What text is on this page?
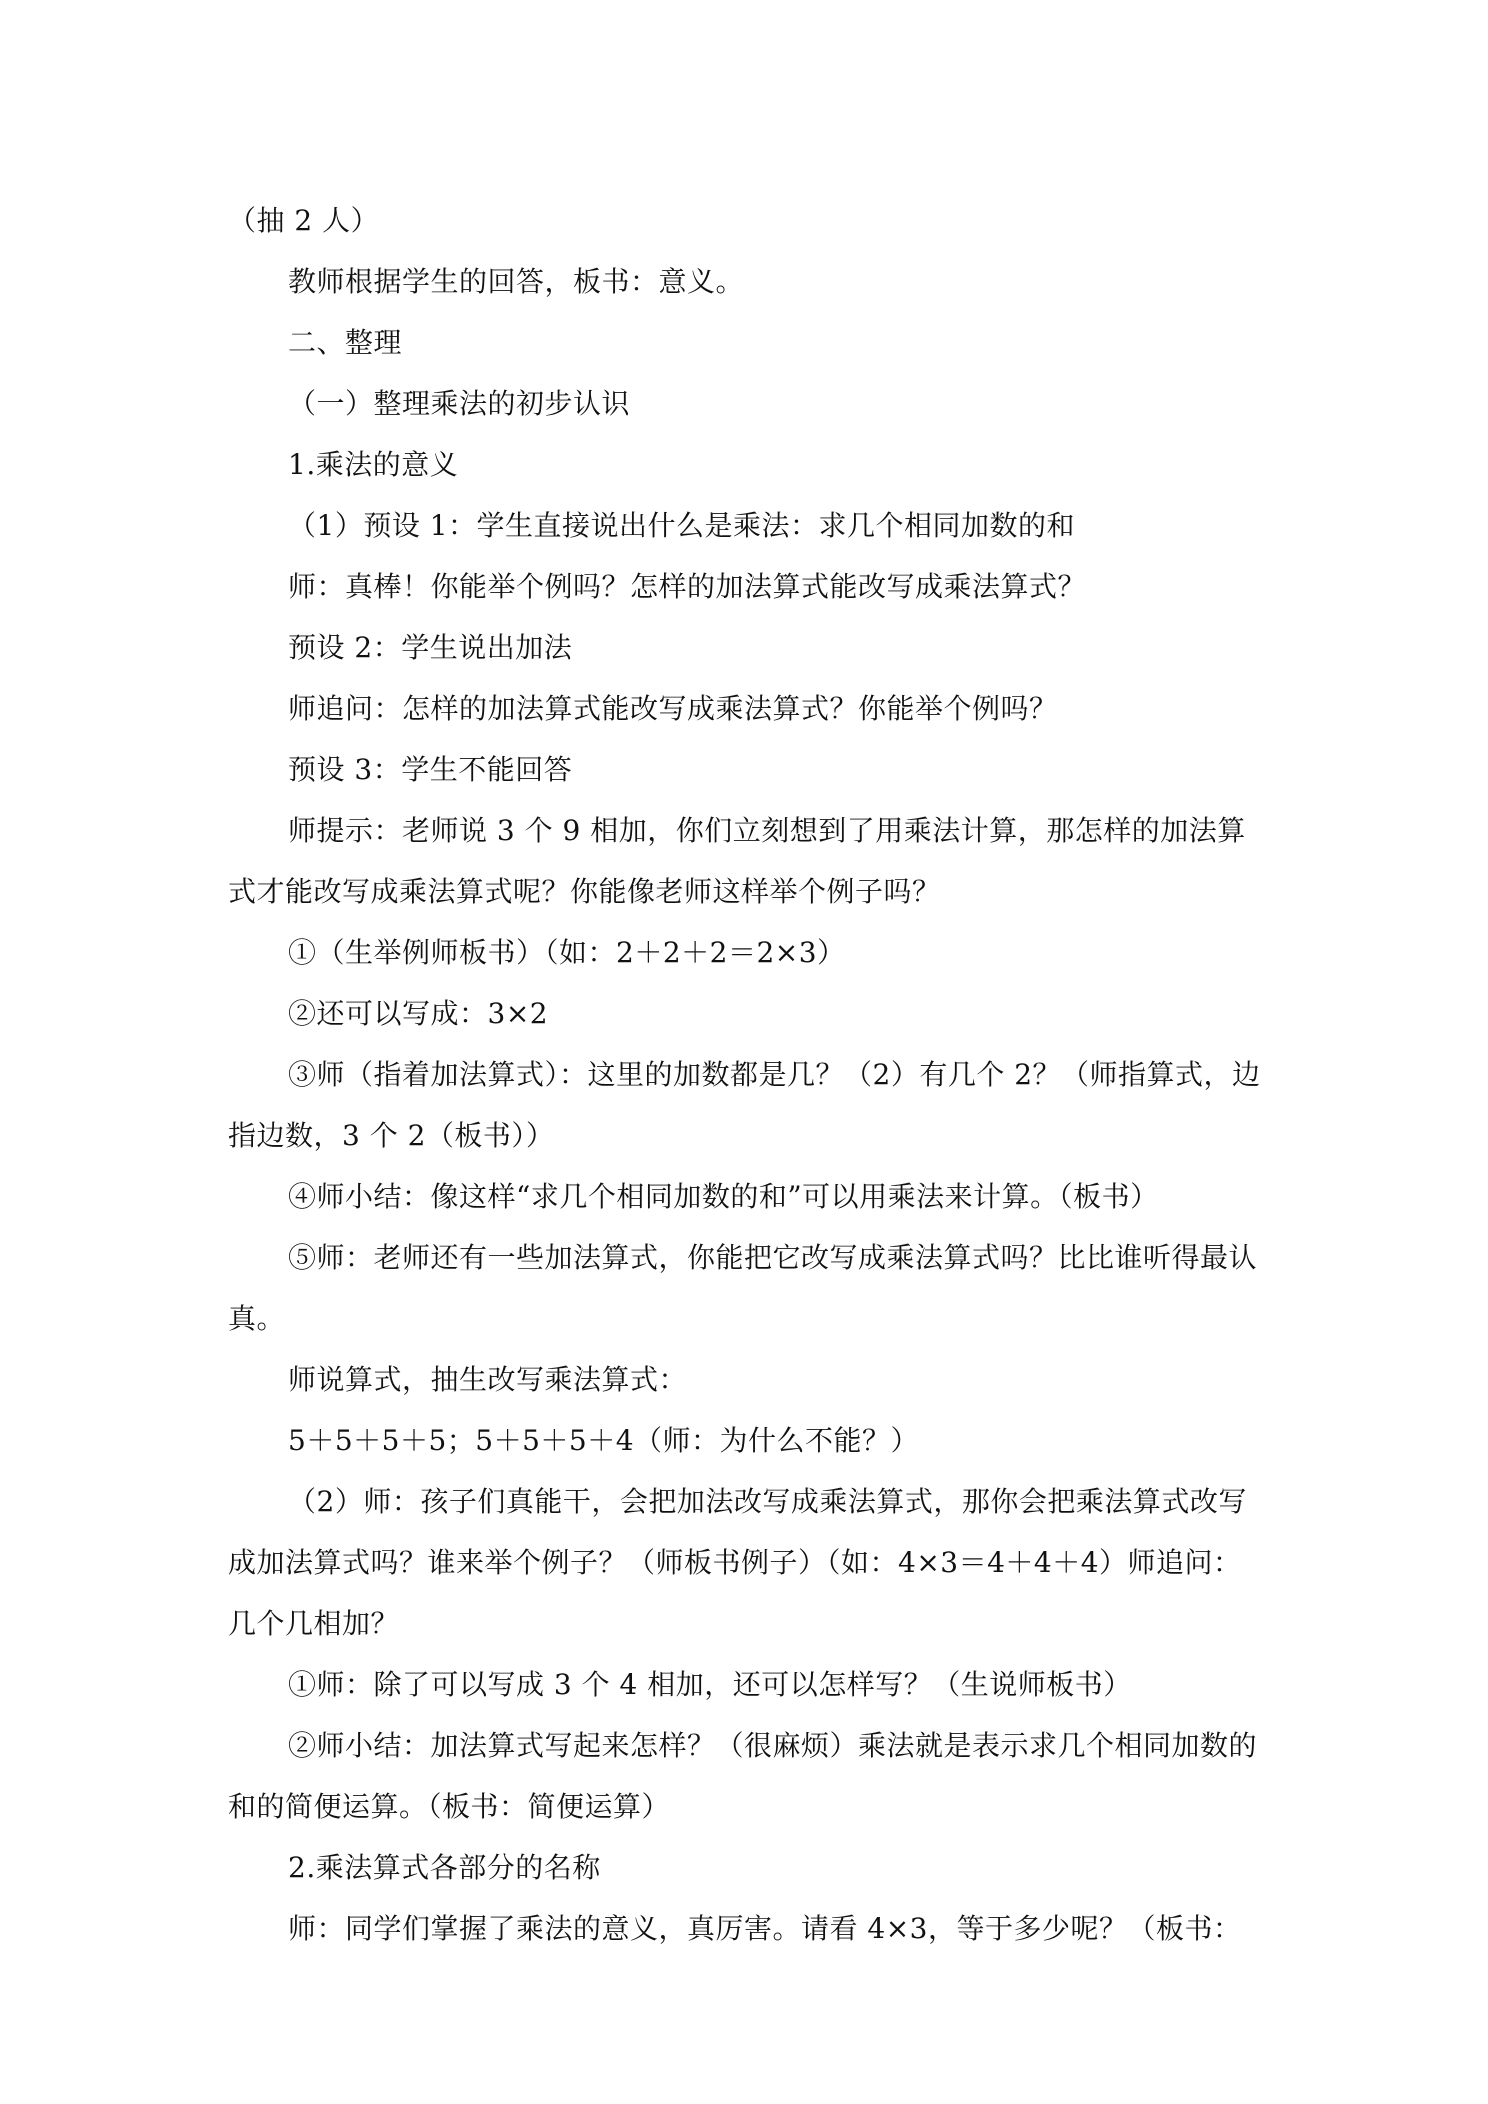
（抽 2 人）

教师根据学生的回答，板书：意义。

二、整理

（一）整理乘法的初步认识

1.乘法的意义

（1）预设 1：学生直接说出什么是乘法：求几个相同加数的和

师：真棒！你能举个例吗？怎样的加法算式能改写成乘法算式？

预设 2：学生说出加法

师追问：怎样的加法算式能改写成乘法算式？你能举个例吗？

预设 3：学生不能回答

师提示：老师说 3 个 9 相加，你们立刻想到了用乘法计算，那怎样的加法算式才能改写成乘法算式呢？你能像老师这样举个例子吗？

①（生举例师板书）（如：2＋2＋2＝2×3）

②还可以写成：3×2

③师（指着加法算式）：这里的加数都是几？（2）有几个 2？（师指算式，边指边数，3 个 2（板书））

④师小结：像这样“求几个相同加数的和”可以用乘法来计算。（板书）

⑤师：老师还有一些加法算式，你能把它改写成乘法算式吗？比比谁听得最认真。

师说算式，抽生改写乘法算式：

5＋5＋5＋5；5＋5＋5＋4（师：为什么不能？）

（2）师：孩子们真能干，会把加法改写成乘法算式，那你会把乘法算式改写成加法算式吗？谁来举个例子？（师板书例子）（如：4×3＝4＋4＋4）师追问：几个几相加？

①师：除了可以写成 3 个 4 相加，还可以怎样写？（生说师板书）

②师小结：加法算式写起来怎样？（很麻烦）乘法就是表示求几个相同加数的和的简便运算。（板书：简便运算）

2.乘法算式各部分的名称

师：同学们掌握了乘法的意义，真厉害。请看 4×3，等于多少呢？（板书：
